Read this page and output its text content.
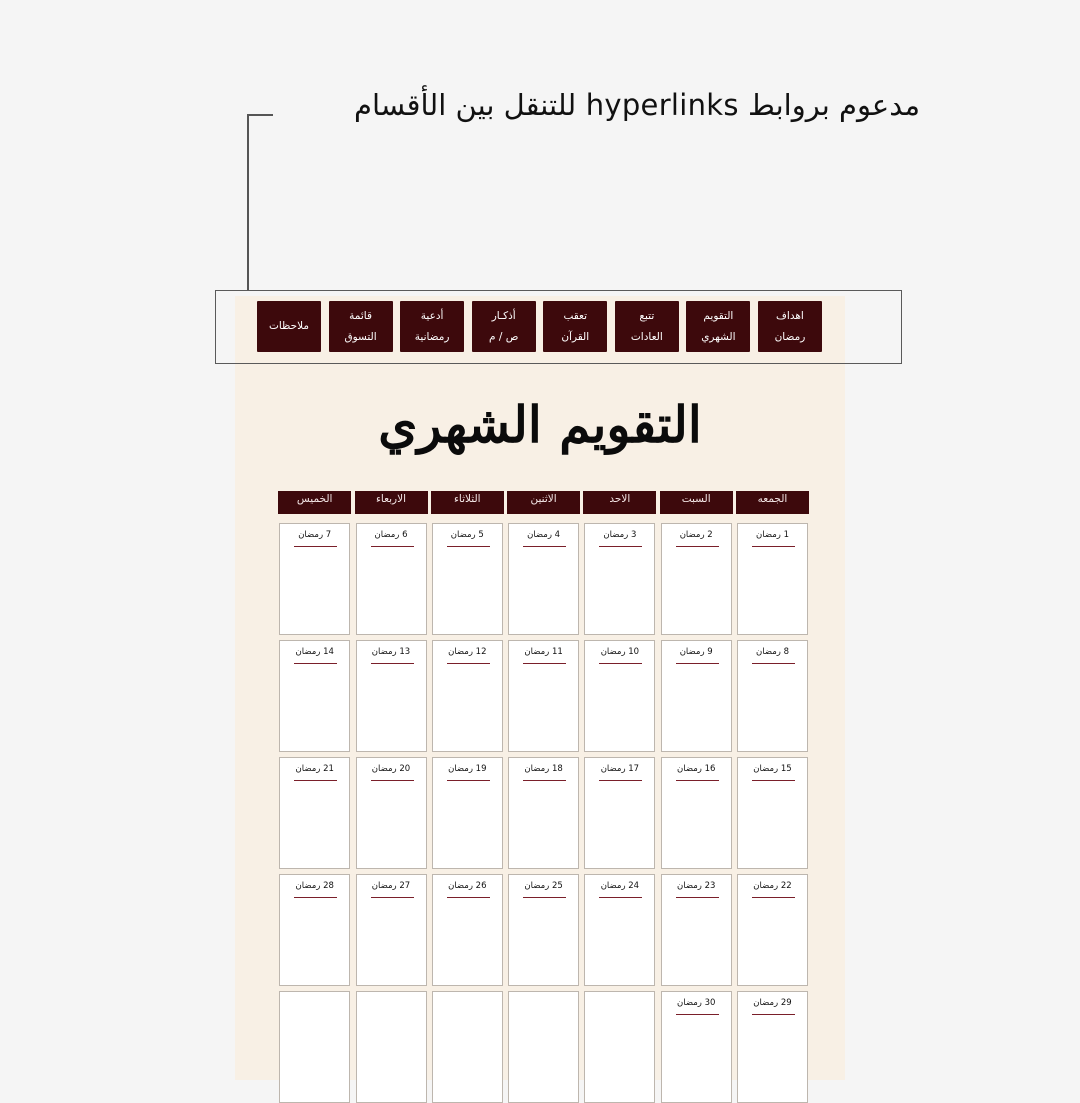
مدعوم بروابط hyperlinks للتنقل بين الأقسام
اهداف
رمضان
التقويم
الشهري
تتبع
العادات
تعقب
القرآن
أذكـار
ص / م
أدعية
رمضانية
قائمة
التسوق
ملاحظات
التقويم الشهري
الجمعه
السبت
الاحد
الاثنين
الثلاثاء
الاربعاء
الخميس
1 رمضان
2 رمضان
3 رمضان
4 رمضان
5 رمضان
6 رمضان
7 رمضان
8 رمضان
9 رمضان
10 رمضان
11 رمضان
12 رمضان
13 رمضان
14 رمضان
15 رمضان
16 رمضان
17 رمضان
18 رمضان
19 رمضان
20 رمضان
21 رمضان
22 رمضان
23 رمضان
24 رمضان
25 رمضان
26 رمضان
27 رمضان
28 رمضان
29 رمضان
30 رمضان
